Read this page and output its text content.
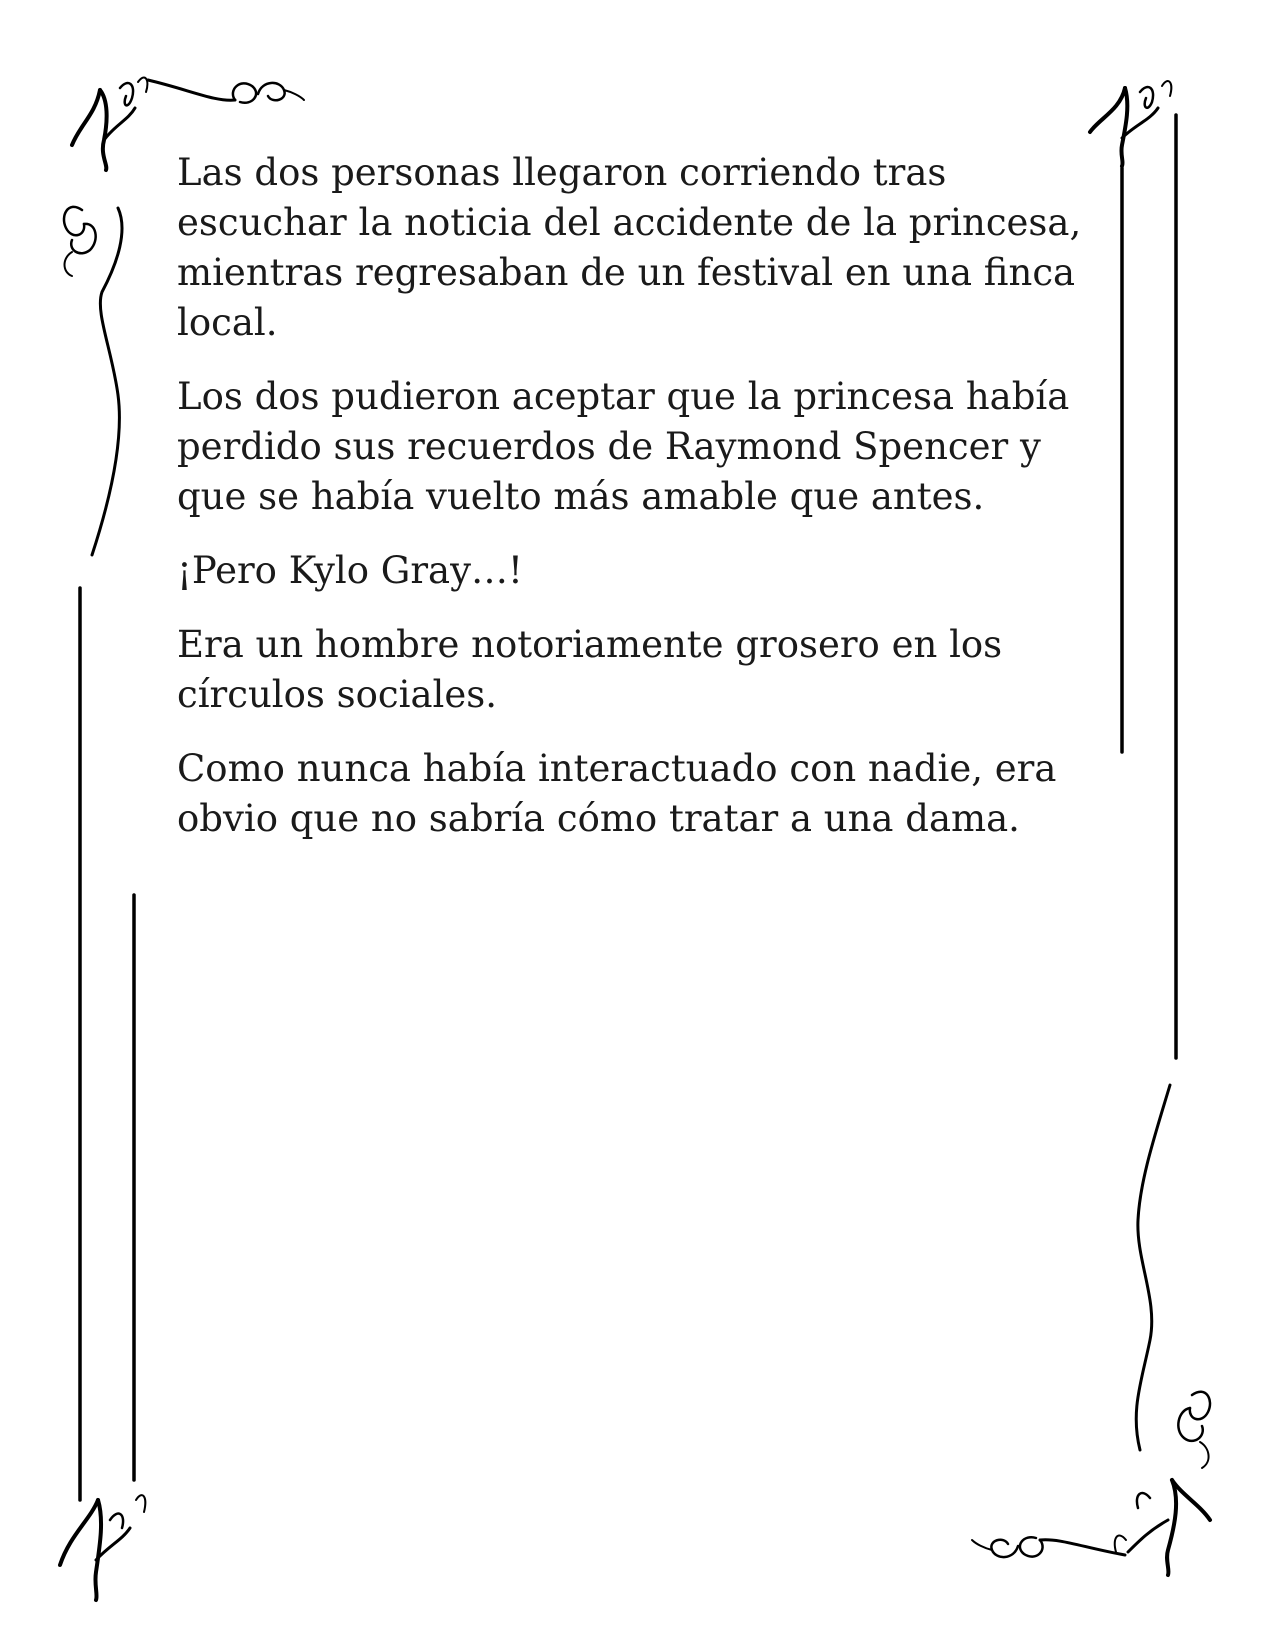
Las dos personas llegaron corriendo tras escuchar la noticia del accidente de la princesa, mientras regresaban de un festival en una finca local.

Los dos pudieron aceptar que la princesa había perdido sus recuerdos de Raymond Spencer y que se había vuelto más amable que antes.

¡Pero Kylo Gray…!

Era un hombre notoriamente grosero en los círculos sociales.

Como nunca había interactuado con nadie, era obvio que no sabría cómo tratar a una dama.
